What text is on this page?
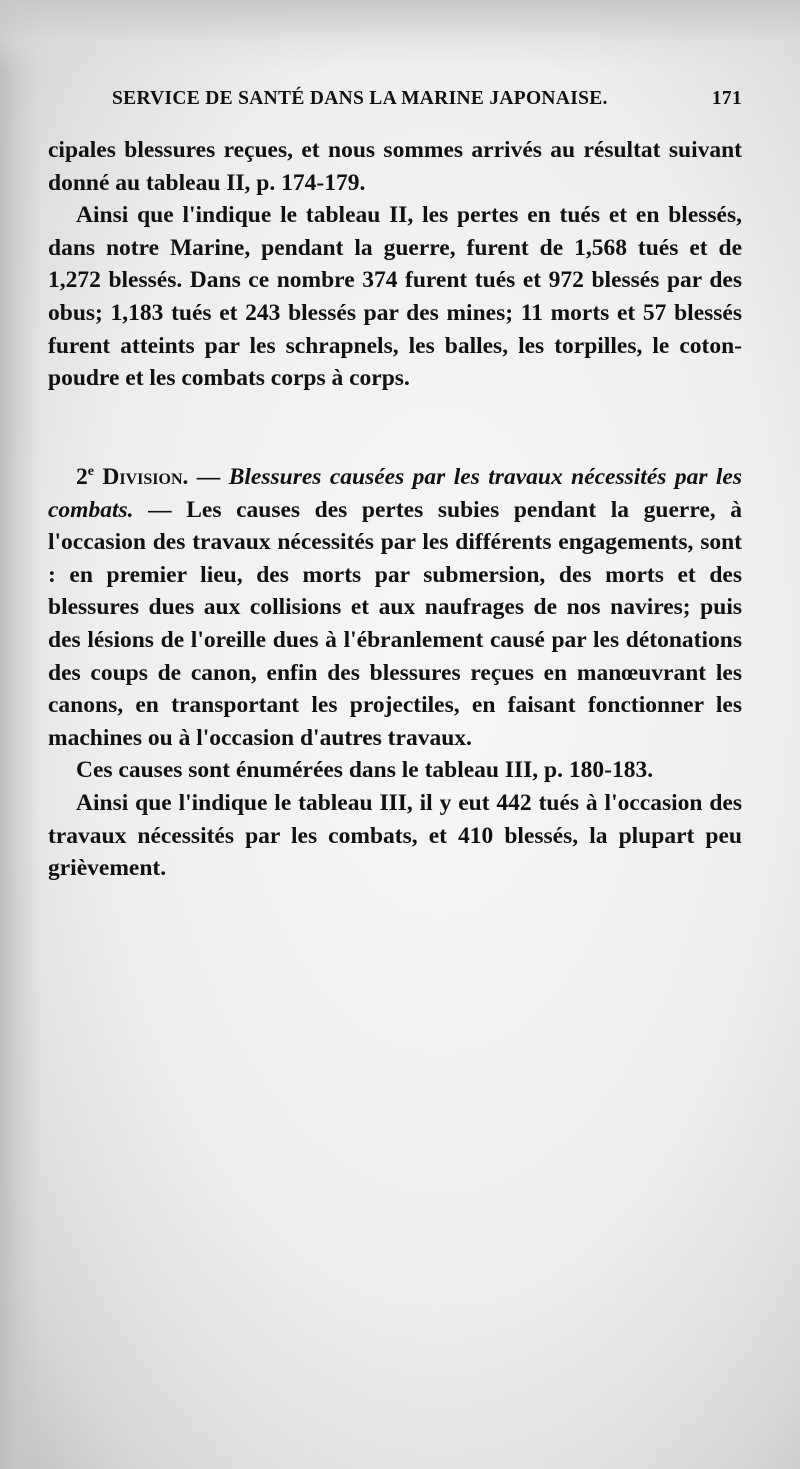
SERVICE DE SANTÉ DANS LA MARINE JAPONAISE.	171

cipales blessures reçues, et nous sommes arrivés au résultat suivant donné au tableau II, p. 174-179.

Ainsi que l'indique le tableau II, les pertes en tués et en blessés, dans notre Marine, pendant la guerre, furent de 1,568 tués et de 1,272 blessés. Dans ce nombre 374 furent tués et 972 blessés par des obus; 1,183 tués et 243 blessés par des mines; 11 morts et 57 blessés furent atteints par les schrapnels, les balles, les torpilles, le coton-poudre et les combats corps à corps.

2e Division. — Blessures causées par les travaux nécessités par les combats. — Les causes des pertes subies pendant la guerre, à l'occasion des travaux nécessités par les différents engagements, sont : en premier lieu, des morts par submersion, des morts et des blessures dues aux collisions et aux naufrages de nos navires; puis des lésions de l'oreille dues à l'ébranlement causé par les détonations des coups de canon, enfin des blessures reçues en manœuvrant les canons, en transportant les projectiles, en faisant fonctionner les machines ou à l'occasion d'autres travaux.

Ces causes sont énumérées dans le tableau III, p. 180-183.

Ainsi que l'indique le tableau III, il y eut 442 tués à l'occasion des travaux nécessités par les combats, et 410 blessés, la plupart peu grièvement.
